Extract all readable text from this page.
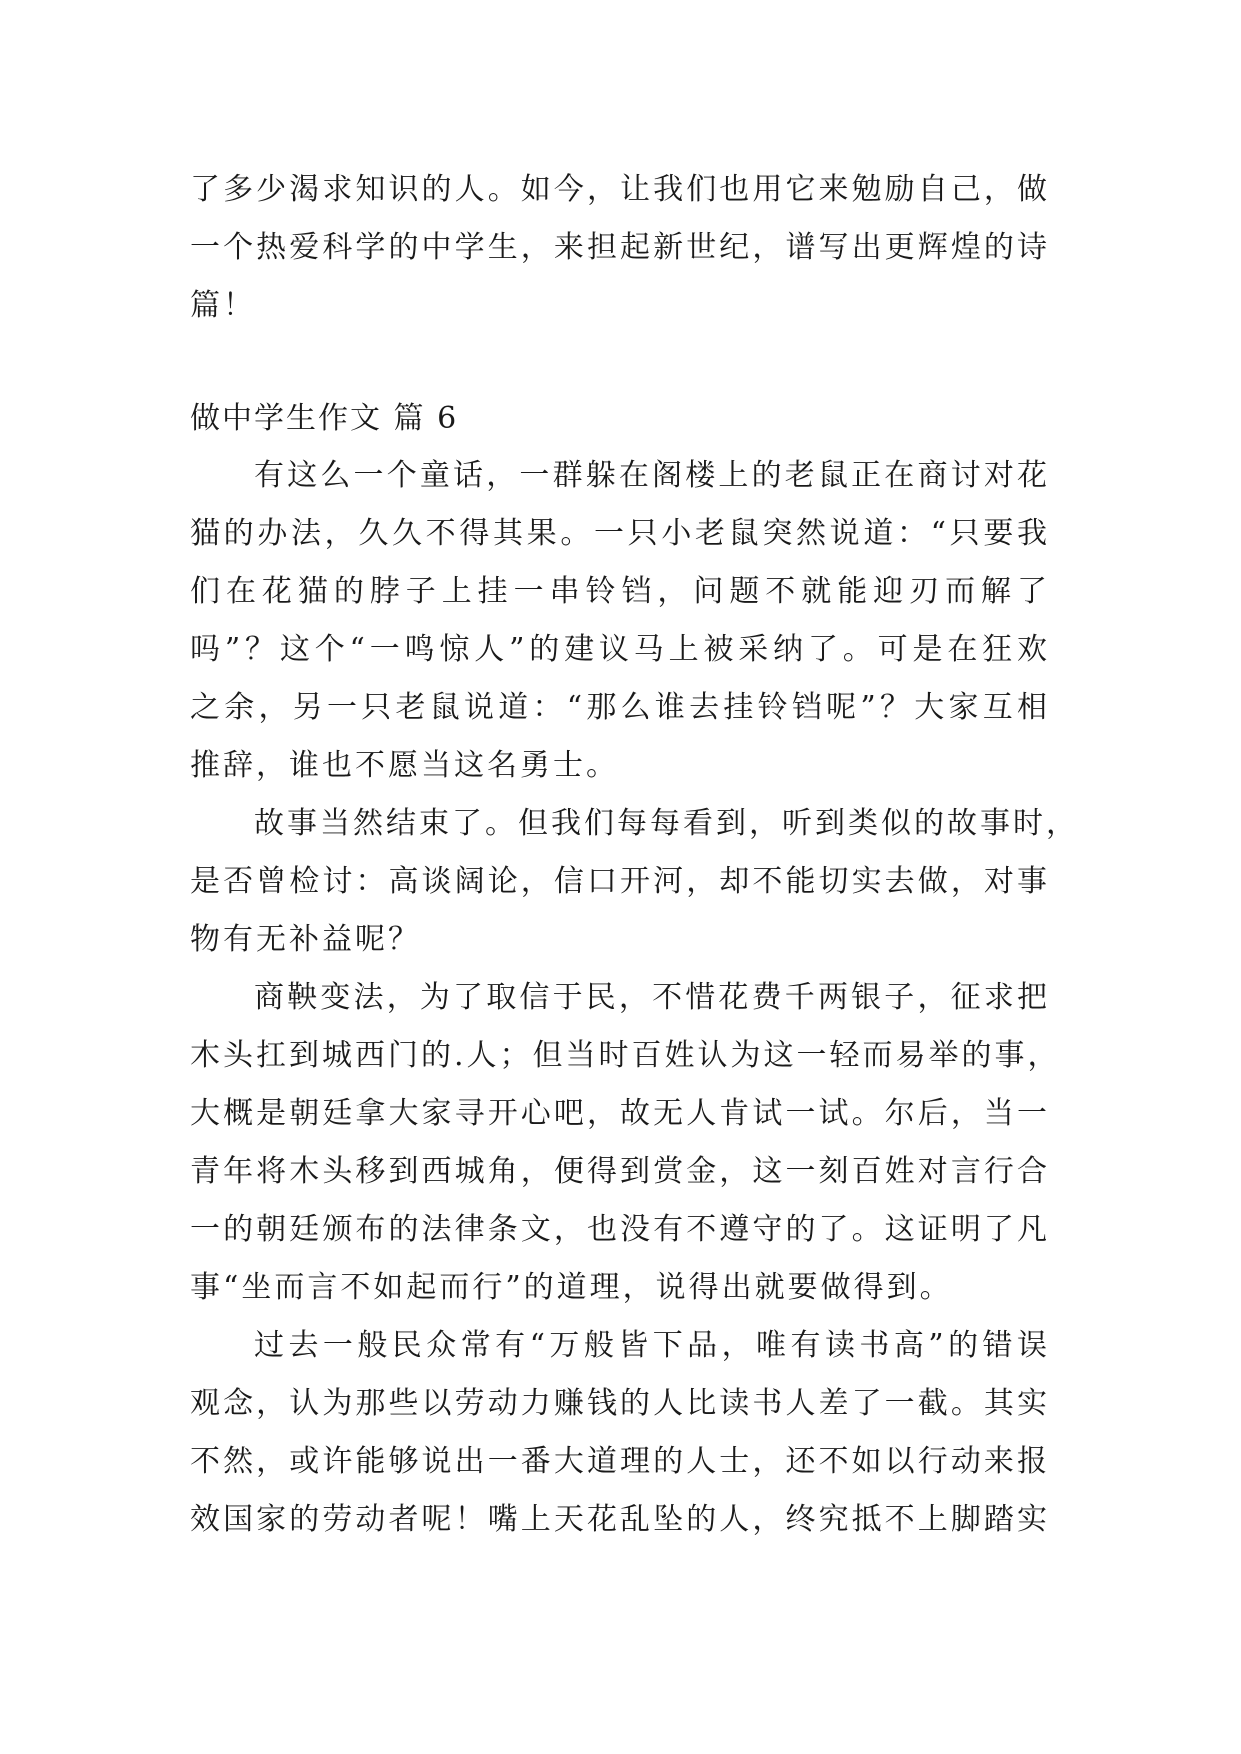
了多少渴求知识的人。如今，让我们也用它来勉励自己，做
一个热爱科学的中学生，来担起新世纪，谱写出更辉煌的诗
篇！
做中学生作文 篇 6
有这么一个童话，一群躲在阁楼上的老鼠正在商讨对花
猫的办法，久久不得其果。一只小老鼠突然说道：“只要我
们在花猫的脖子上挂一串铃铛，问题不就能迎刃而解了
吗”？这个“一鸣惊人”的建议马上被采纳了。可是在狂欢
之余，另一只老鼠说道：“那么谁去挂铃铛呢”？大家互相
推辞，谁也不愿当这名勇士。
故事当然结束了。但我们每每看到，听到类似的故事时，
是否曾检讨：高谈阔论，信口开河，却不能切实去做，对事
物有无补益呢？
商鞅变法，为了取信于民，不惜花费千两银子，征求把
木头扛到城西门的.人；但当时百姓认为这一轻而易举的事，
大概是朝廷拿大家寻开心吧，故无人肯试一试。尔后，当一
青年将木头移到西城角，便得到赏金，这一刻百姓对言行合
一的朝廷颁布的法律条文，也没有不遵守的了。这证明了凡
事“坐而言不如起而行”的道理，说得出就要做得到。
过去一般民众常有“万般皆下品，唯有读书高”的错误
观念，认为那些以劳动力赚钱的人比读书人差了一截。其实
不然，或许能够说出一番大道理的人士，还不如以行动来报
效国家的劳动者呢！嘴上天花乱坠的人，终究抵不上脚踏实
